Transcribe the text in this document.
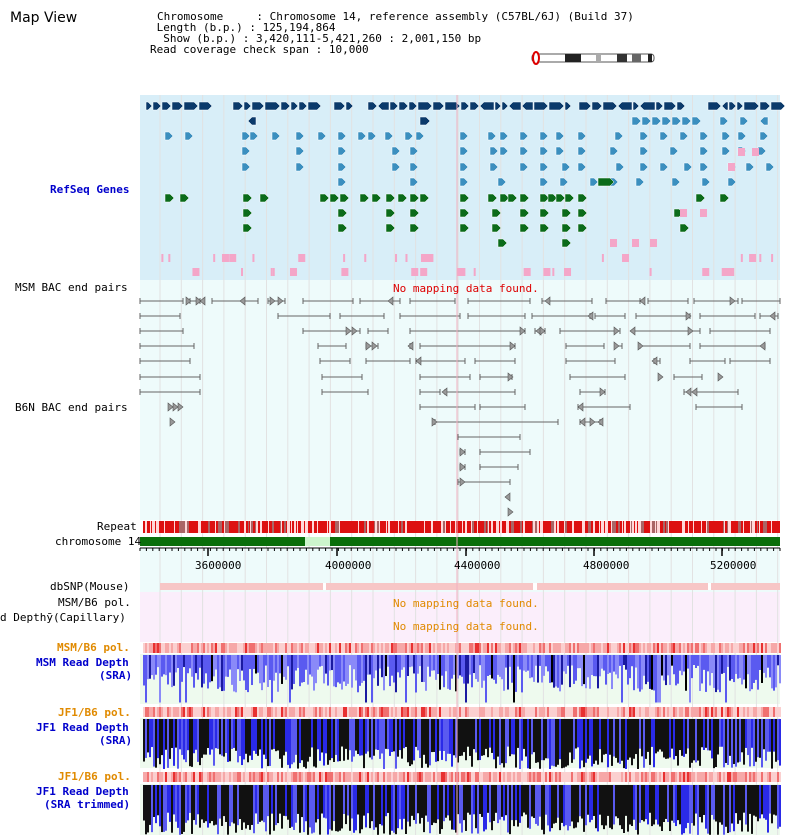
Map View	Chromosome     : Chromosome 14, reference assembly (C57BL/6J) (Build 37)
Length (b.p.) : 125,194,864
Show (b.p.) : 3,420,111-5,421,260 : 2,001,150 bp
Read coverage check span : 10,000
RefSeq Genes
MSM BAC end pairs	No mapping data found.
B6N BAC end pairs
Repeat
chromosome 14
dbSNP(Mouse)
MSM/B6 pol.	No mapping data found.
d Depthȳ(Capillary)
No mapping data found.
MSM/B6 pol.
MSM Read Depth
(SRA)
JF1/B6 pol.
JF1 Read Depth
(SRA)
JF1/B6 pol.
JF1 Read Depth
(SRA trimmed)
3600000	4000000	4400000	4800000	5200000
